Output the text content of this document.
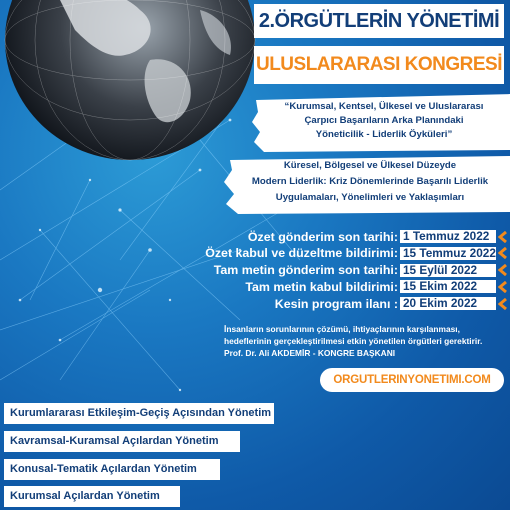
2.ÖRGÜTLERİN YÖNETİMİ
ULUSLARARASI KONGRESİ
“Kurumsal, Kentsel, Ülkesel ve Uluslararası
Çarpıcı Başarıların Arka Planındaki
Yöneticilik - Liderlik Öyküleri”
Küresel, Bölgesel ve Ülkesel Düzeyde
Modern Liderlik: Kriz Dönemlerinde Başarılı Liderlik
Uygulamaları, Yönelimleri ve Yaklaşımları
Özet gönderim son tarihi: 1 Temmuz 2022
Özet kabul ve düzeltme bildirimi: 15 Temmuz 2022
Tam metin gönderim son tarihi: 15 Eylül 2022
Tam metin kabul bildirimi: 15 Ekim 2022
Kesin program ilanı : 20 Ekim 2022
İnsanların sorunlarının çözümü, ihtiyaçlarının karşılanması,
hedeflerinin gerçekleştirilmesi etkin yönetilen örgütleri gerektirir.
Prof. Dr. Ali AKDEMİR - KONGRE BAŞKANI
ORGUTLERINYONETIMI.COM
Kurumlararası Etkileşim-Geçiş Açısından Yönetim
Kavramsal-Kuramsal Açılardan Yönetim
Konusal-Tematik Açılardan Yönetim
Kurumsal Açılardan Yönetim
